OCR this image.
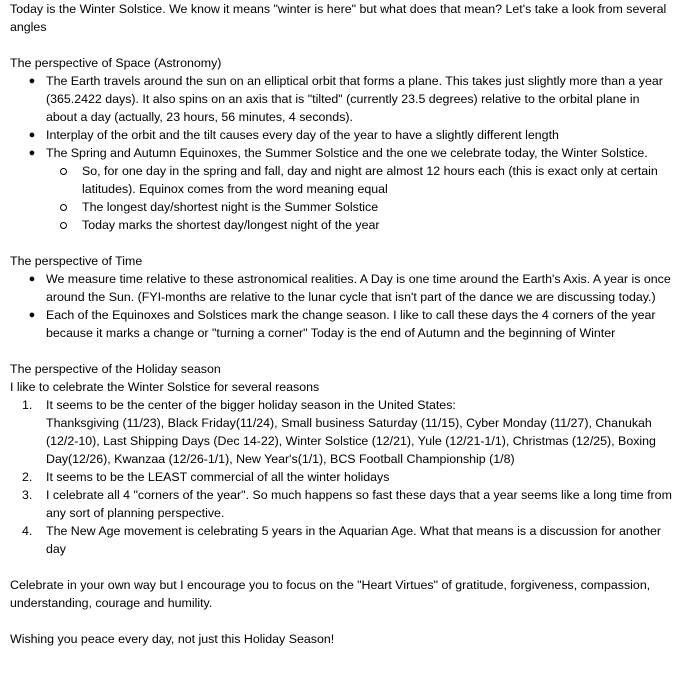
Today is the Winter Solstice. We know it means "winter is here" but what does that mean? Let's take a look from several angles

The perspective of Space (Astronomy)

● The Earth travels around the sun on an elliptical orbit that forms a plane. This takes just slightly more than a year (365.2422 days). It also spins on an axis that is "tilted" (currently 23.5 degrees) relative to the orbital plane in about a day (actually, 23 hours, 56 minutes, 4 seconds).
● Interplay of the orbit and the tilt causes every day of the year to have a slightly different length
● The Spring and Autumn Equinoxes, the Summer Solstice and the one we celebrate today, the Winter Solstice.
So, for one day in the spring and fall, day and night are almost 12 hours each (this is exact only at certain latitudes). Equinox comes from the word meaning equal
The longest day/shortest night is the Summer Solstice
Today marks the shortest day/longest night of the year

The perspective of Time

● We measure time relative to these astronomical realities. A Day is one time around the Earth's Axis. A year is once around the Sun. (FYI-months are relative to the lunar cycle that isn't part of the dance we are discussing today.)
● Each of the Equinoxes and Solstices mark the change season. I like to call these days the 4 corners of the year because it marks a change or "turning a corner" Today is the end of Autumn and the beginning of Winter

The perspective of the Holiday season

I like to celebrate the Winter Solstice for several reasons

1. It seems to be the center of the bigger holiday season in the United States:
Thanksgiving (11/23), Black Friday(11/24), Small business Saturday (11/15), Cyber Monday (11/27), Chanukah (12/2-10), Last Shipping Days (Dec 14-22), Winter Solstice (12/21), Yule (12/21-1/1), Christmas (12/25), Boxing Day(12/26), Kwanzaa (12/26-1/1), New Year's(1/1), BCS Football Championship (1/8)
2. It seems to be the LEAST commercial of all the winter holidays
3. I celebrate all 4 "corners of the year". So much happens so fast these days that a year seems like a long time from any sort of planning perspective.
4. The New Age movement is celebrating 5 years in the Aquarian Age. What that means is a discussion for another day

Celebrate in your own way but I encourage you to focus on the "Heart Virtues" of gratitude, forgiveness, compassion, understanding, courage and humility.

Wishing you peace every day, not just this Holiday Season!
